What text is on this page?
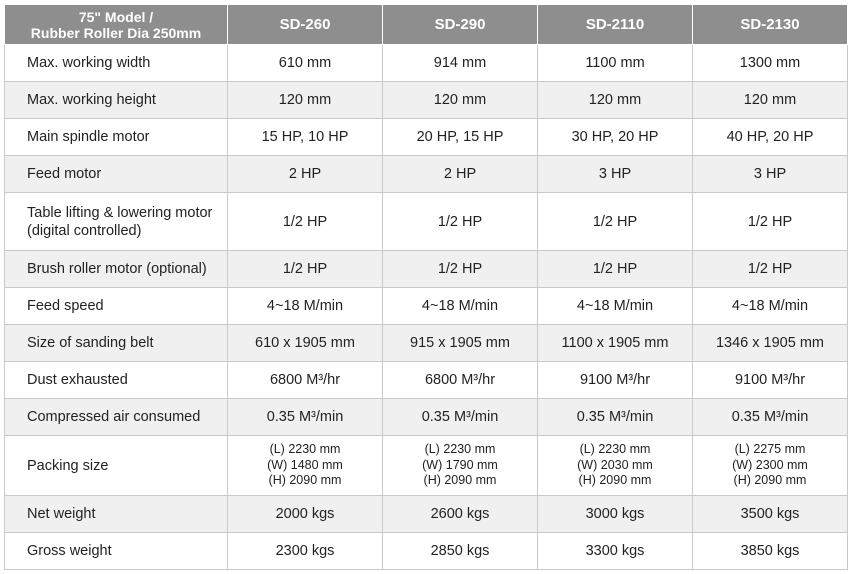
75" Model /
Rubber Roller Dia 250mm	SD-260	SD-290	SD-2110	SD-2130
Max. working width	610 mm	914 mm	1100 mm	1300 mm
Max. working height	120 mm	120 mm	120 mm	120 mm
Main spindle motor	15 HP, 10 HP	20 HP, 15 HP	30 HP, 20 HP	40 HP, 20 HP
Feed motor	2 HP	2 HP	3 HP	3 HP

Table lifting & lowering motor
(digital controlled)	1/2 HP	1/2 HP	1/2 HP	1/2 HP
Brush roller motor (optional)	1/2 HP	1/2 HP	1/2 HP	1/2 HP
Feed speed	4~18 M/min	4~18 M/min	4~18 M/min	4~18 M/min
Size of sanding belt	610 x 1905 mm	915 x 1905 mm	1100 x 1905 mm	1346 x 1905 mm
Dust exhausted	6800 M³/hr	6800 M³/hr	9100 M³/hr	9100 M³/hr
Compressed air consumed	0.35 M³/min	0.35 M³/min	0.35 M³/min	0.35 M³/min
Packing size	(L) 2230 mm
(W) 1480 mm
(H) 2090 mm	(L) 2230 mm
(W) 1790 mm
(H) 2090 mm	(L) 2230 mm
(W) 2030 mm
(H) 2090 mm	(L) 2275 mm
(W) 2300 mm
(H) 2090 mm

Net weight	2000 kgs	2600 kgs	3000 kgs	3500 kgs
Gross weight	2300 kgs	2850 kgs	3300 kgs	3850 kgs
